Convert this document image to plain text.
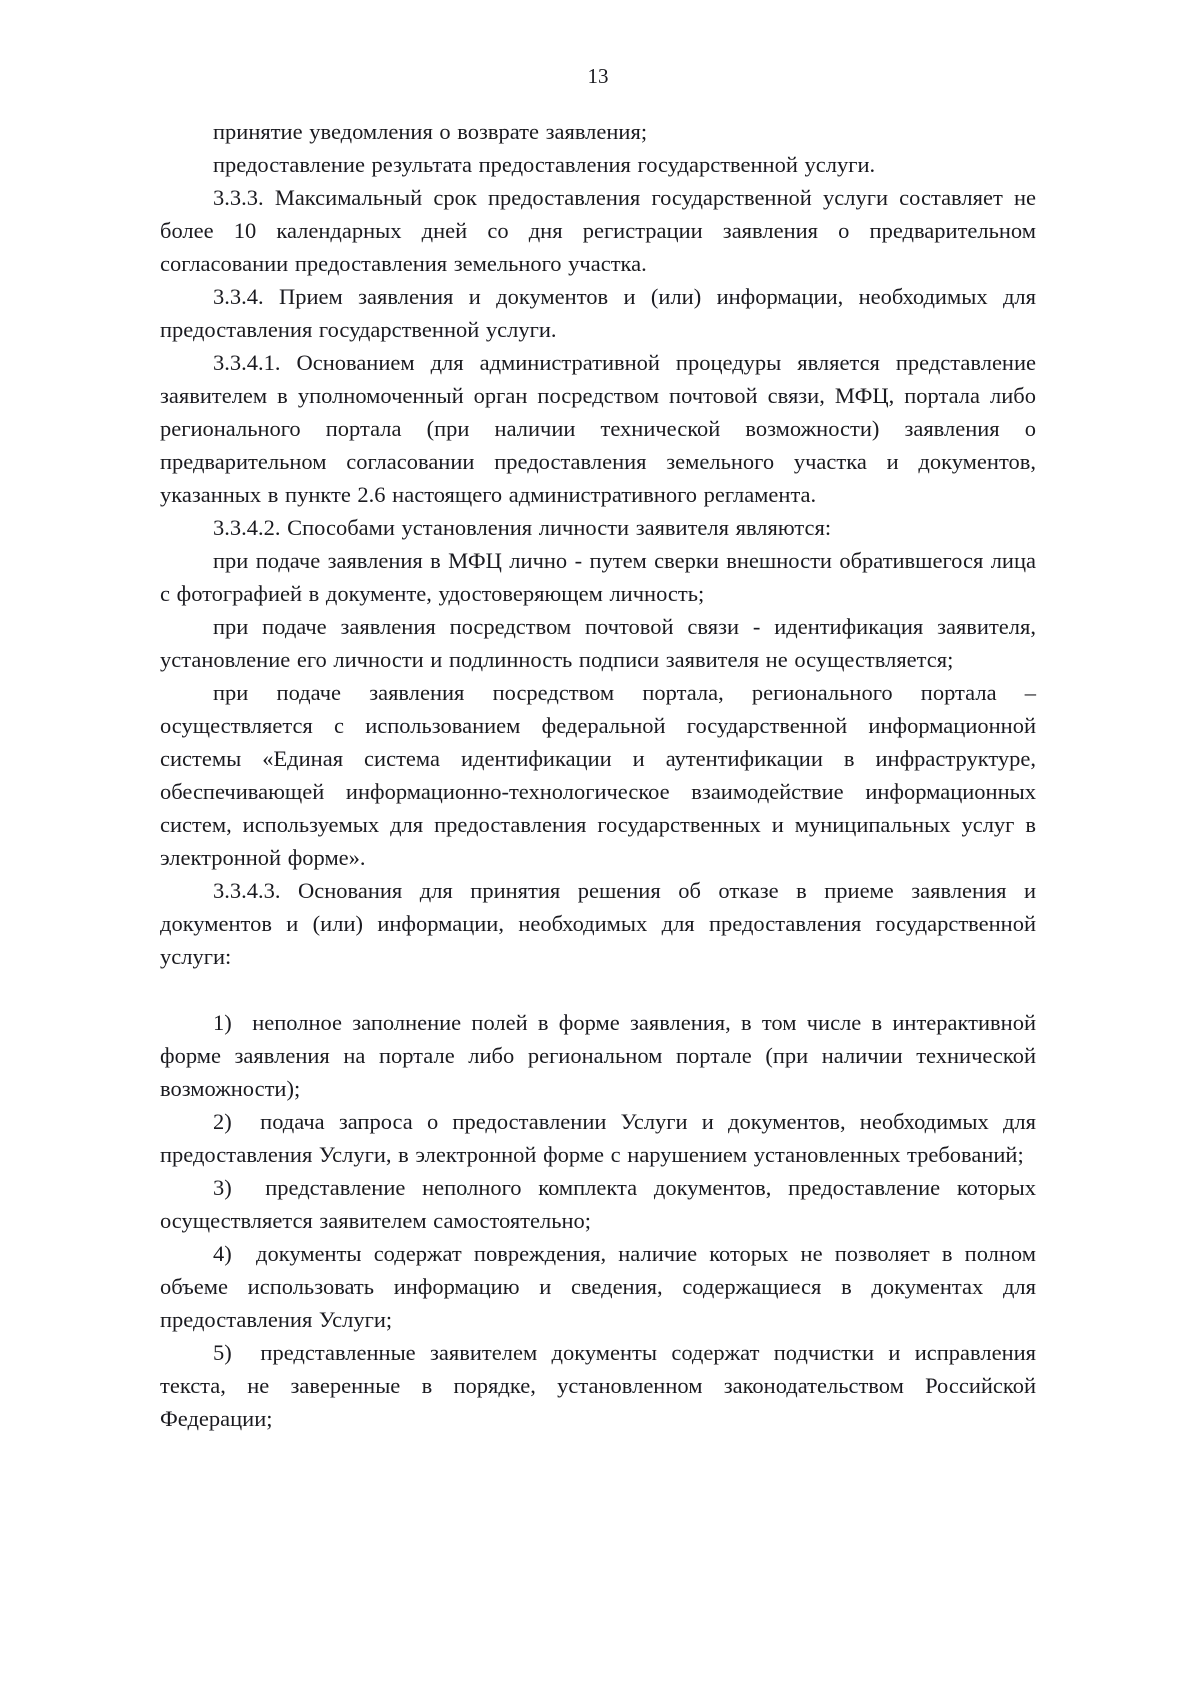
13

принятие уведомления о возврате заявления;

предоставление результата предоставления государственной услуги.

3.3.3. Максимальный срок предоставления государственной услуги составляет не более 10 календарных дней со дня регистрации заявления о предварительном согласовании предоставления земельного участка.

3.3.4. Прием заявления и документов и (или) информации, необходимых для предоставления государственной услуги.

3.3.4.1. Основанием для административной процедуры является представление заявителем в уполномоченный орган посредством почтовой связи, МФЦ, портала либо регионального портала (при наличии технической возможности) заявления о предварительном согласовании предоставления земельного участка и документов, указанных в пункте 2.6 настоящего административного регламента.

3.3.4.2. Способами установления личности заявителя являются:

при подаче заявления в МФЦ лично - путем сверки внешности обратившегося лица с фотографией в документе, удостоверяющем личность;

при подаче заявления посредством почтовой связи - идентификация заявителя, установление его личности и подлинность подписи заявителя не осуществляется;

при подаче заявления посредством портала, регионального портала – осуществляется с использованием федеральной государственной информационной системы «Единая система идентификации и аутентификации в инфраструктуре, обеспечивающей информационно-технологическое взаимодействие информационных систем, используемых для предоставления государственных и муниципальных услуг в электронной форме».

3.3.4.3. Основания для принятия решения об отказе в приеме заявления и документов и (или) информации, необходимых для предоставления государственной услуги:

1)  неполное заполнение полей в форме заявления, в том числе в интерактивной форме заявления на портале либо региональном портале (при наличии технической возможности);

2)  подача запроса о предоставлении Услуги и документов, необходимых для предоставления Услуги, в электронной форме с нарушением установленных требований;

3)  представление неполного комплекта документов, предоставление которых осуществляется заявителем самостоятельно;

4)  документы содержат повреждения, наличие которых не позволяет в полном объеме использовать информацию и сведения, содержащиеся в документах для предоставления Услуги;

5)  представленные заявителем документы содержат подчистки и исправления текста, не заверенные в порядке, установленном законодательством Российской Федерации;
